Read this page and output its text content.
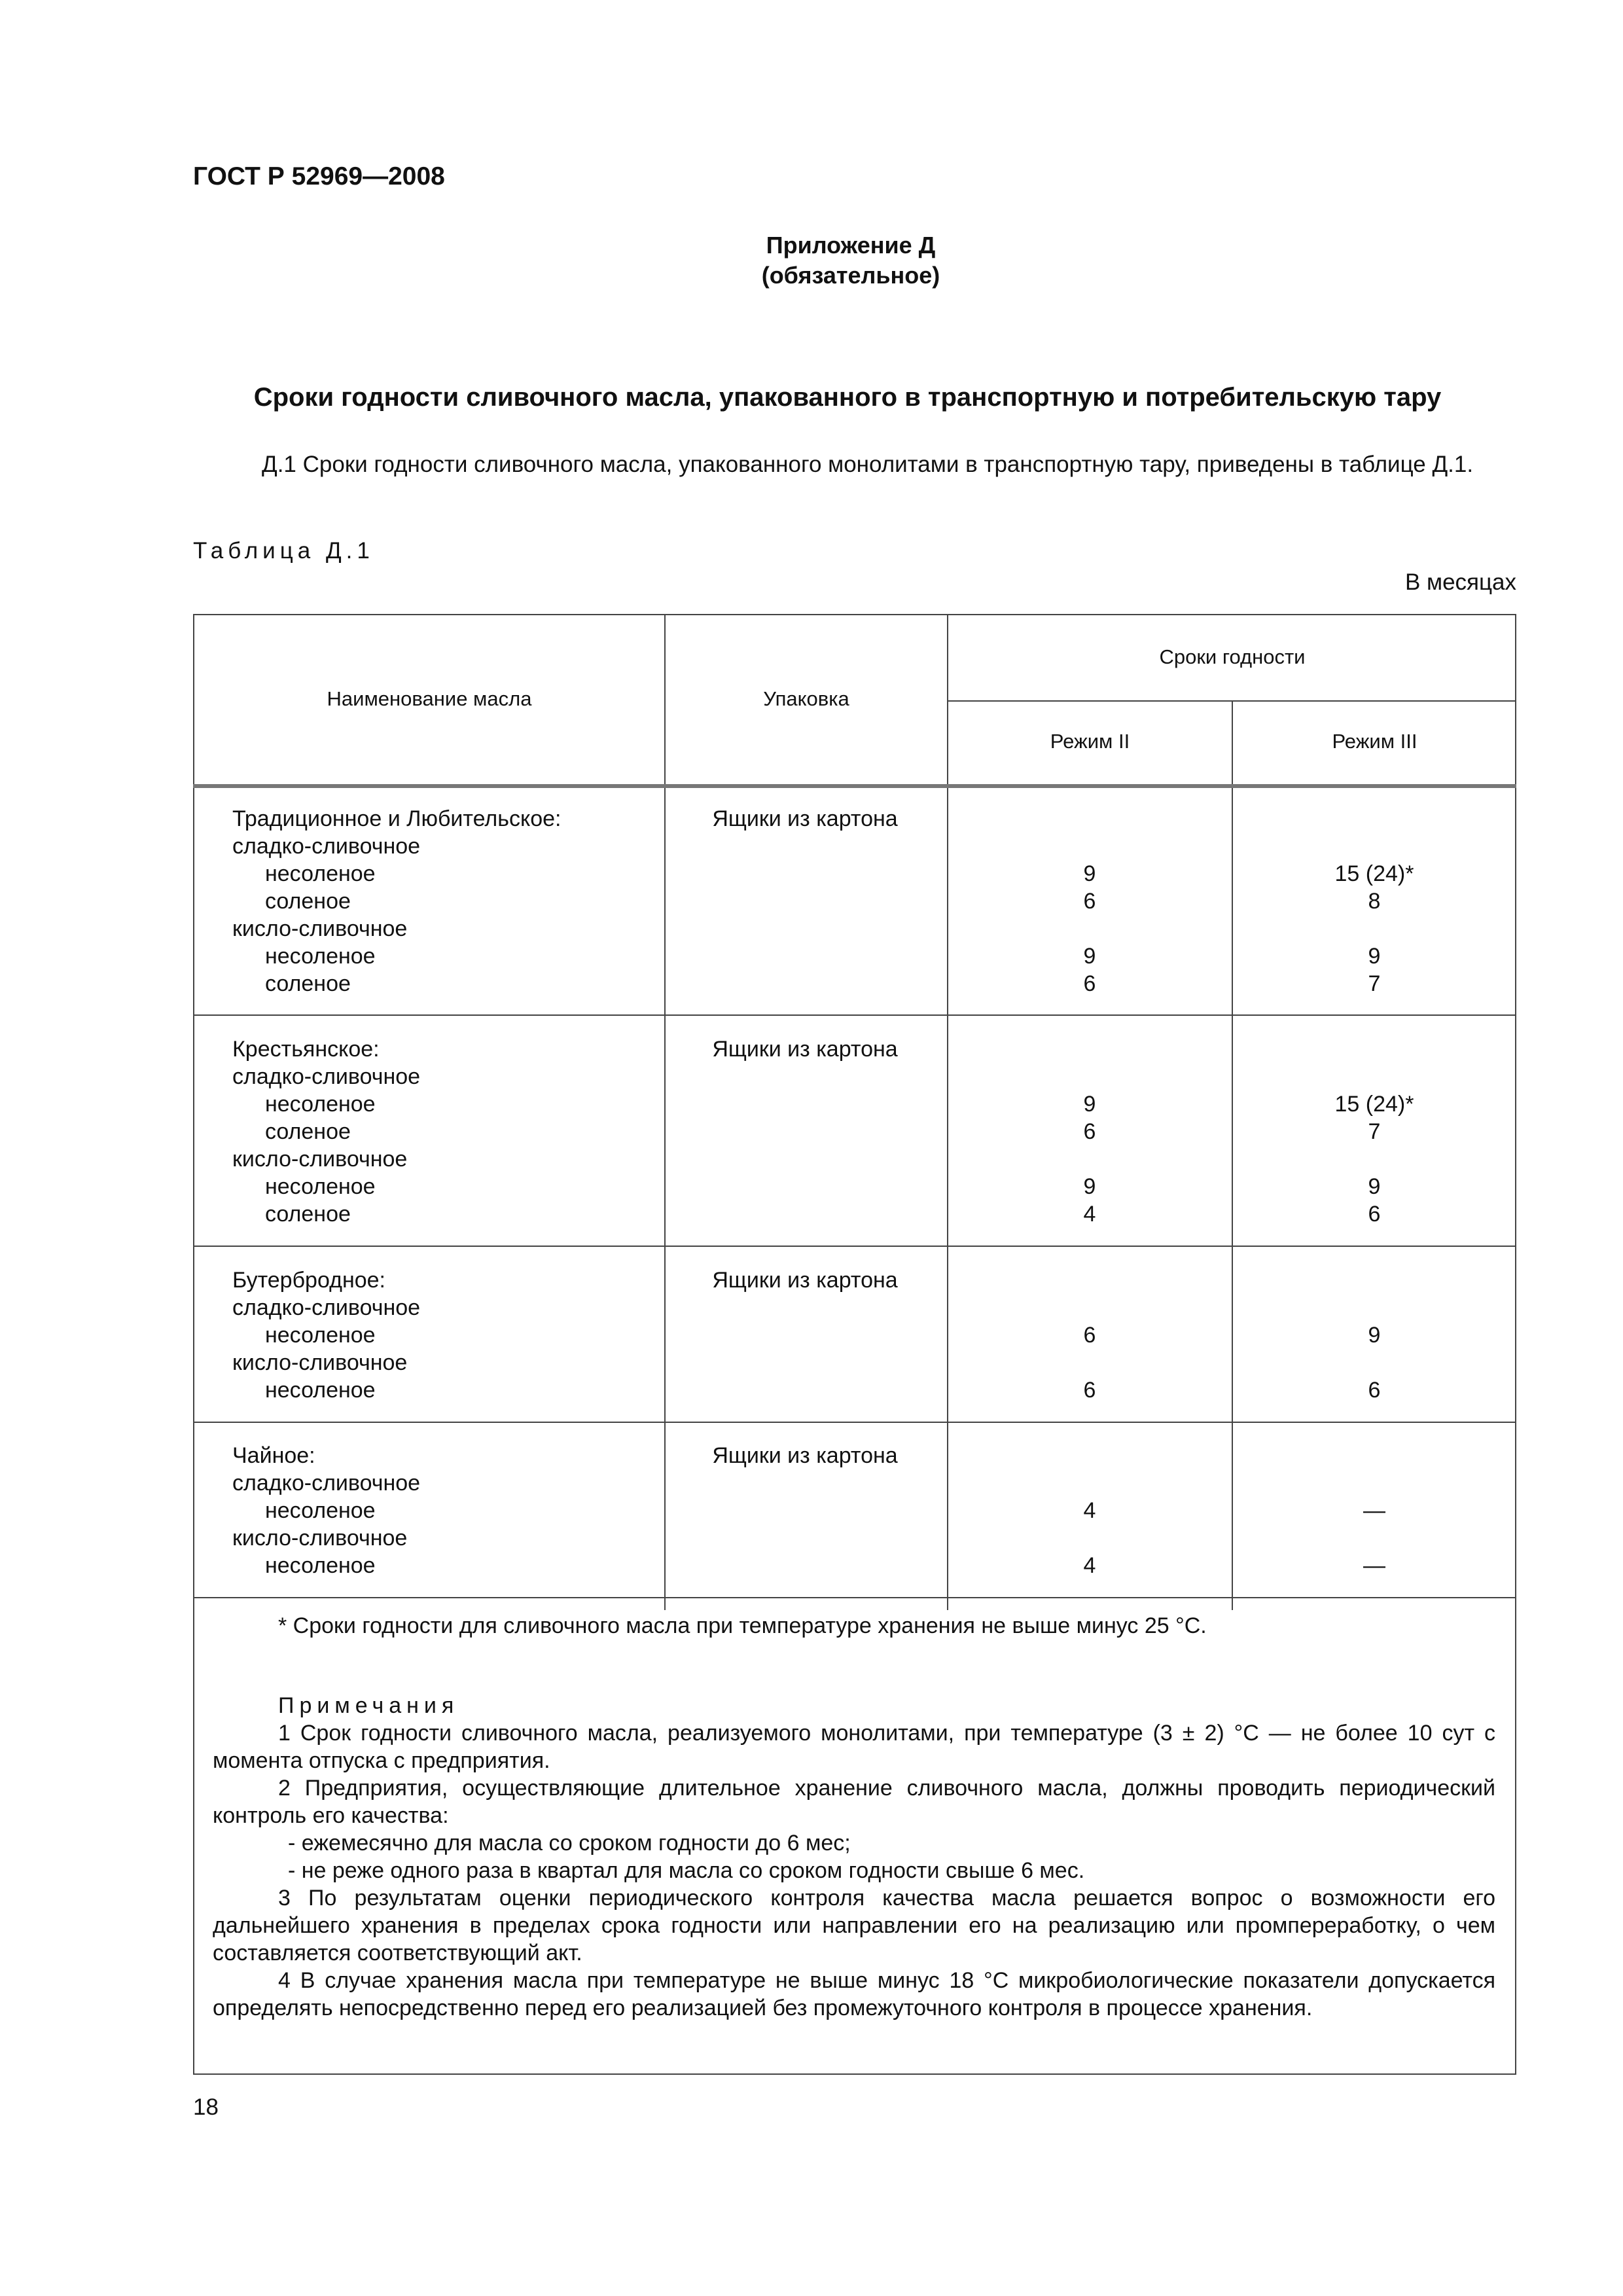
ГОСТ Р 52969—2008
Приложение Д
(обязательное)
Сроки годности сливочного масла, упакованного в транспортную и потребительскую тару
Д.1 Сроки годности сливочного масла, упакованного монолитами в транспортную тару, приведены в таблице Д.1.
Таблица Д.1
В месяцах
Наименование масла	Упаковка
Сроки годности
Режим II	Режим III
Традиционное и Любительское:
сладко-сливочное
несоленое
соленое
кисло-сливочное
несоленое
соленое
Ящики из картона
9
6
9
6
15 (24)*
8
9
7
Крестьянское:
сладко-сливочное
несоленое
соленое
кисло-сливочное
несоленое
соленое
Ящики из картона
9
6
9
4
15 (24)*
7
9
6
Бутербродное:
сладко-сливочное
несоленое
кисло-сливочное
несоленое
Ящики из картона
6
6
9
6
Чайное:
сладко-сливочное
несоленое
кисло-сливочное
несоленое
Ящики из картона
4
4
—
—
* Сроки годности для сливочного масла при температуре хранения не выше минус 25 °С.
Примечания
1 Срок годности сливочного масла, реализуемого монолитами, при температуре (3 ± 2) °С — не более 10 сут с момента отпуска с предприятия.
2 Предприятия, осуществляющие длительное хранение сливочного масла, должны проводить периодический контроль его качества:
- ежемесячно для масла со сроком годности до 6 мес;
- не реже одного раза в квартал для масла со сроком годности свыше 6 мес.
3 По результатам оценки периодического контроля качества масла решается вопрос о возможности его дальнейшего хранения в пределах срока годности или направлении его на реализацию или промпереработку, о чем составляется соответствующий акт.
4 В случае хранения масла при температуре не выше минус 18 °С микробиологические показатели допускается определять непосредственно перед его реализацией без промежуточного контроля в процессе хранения.
18
